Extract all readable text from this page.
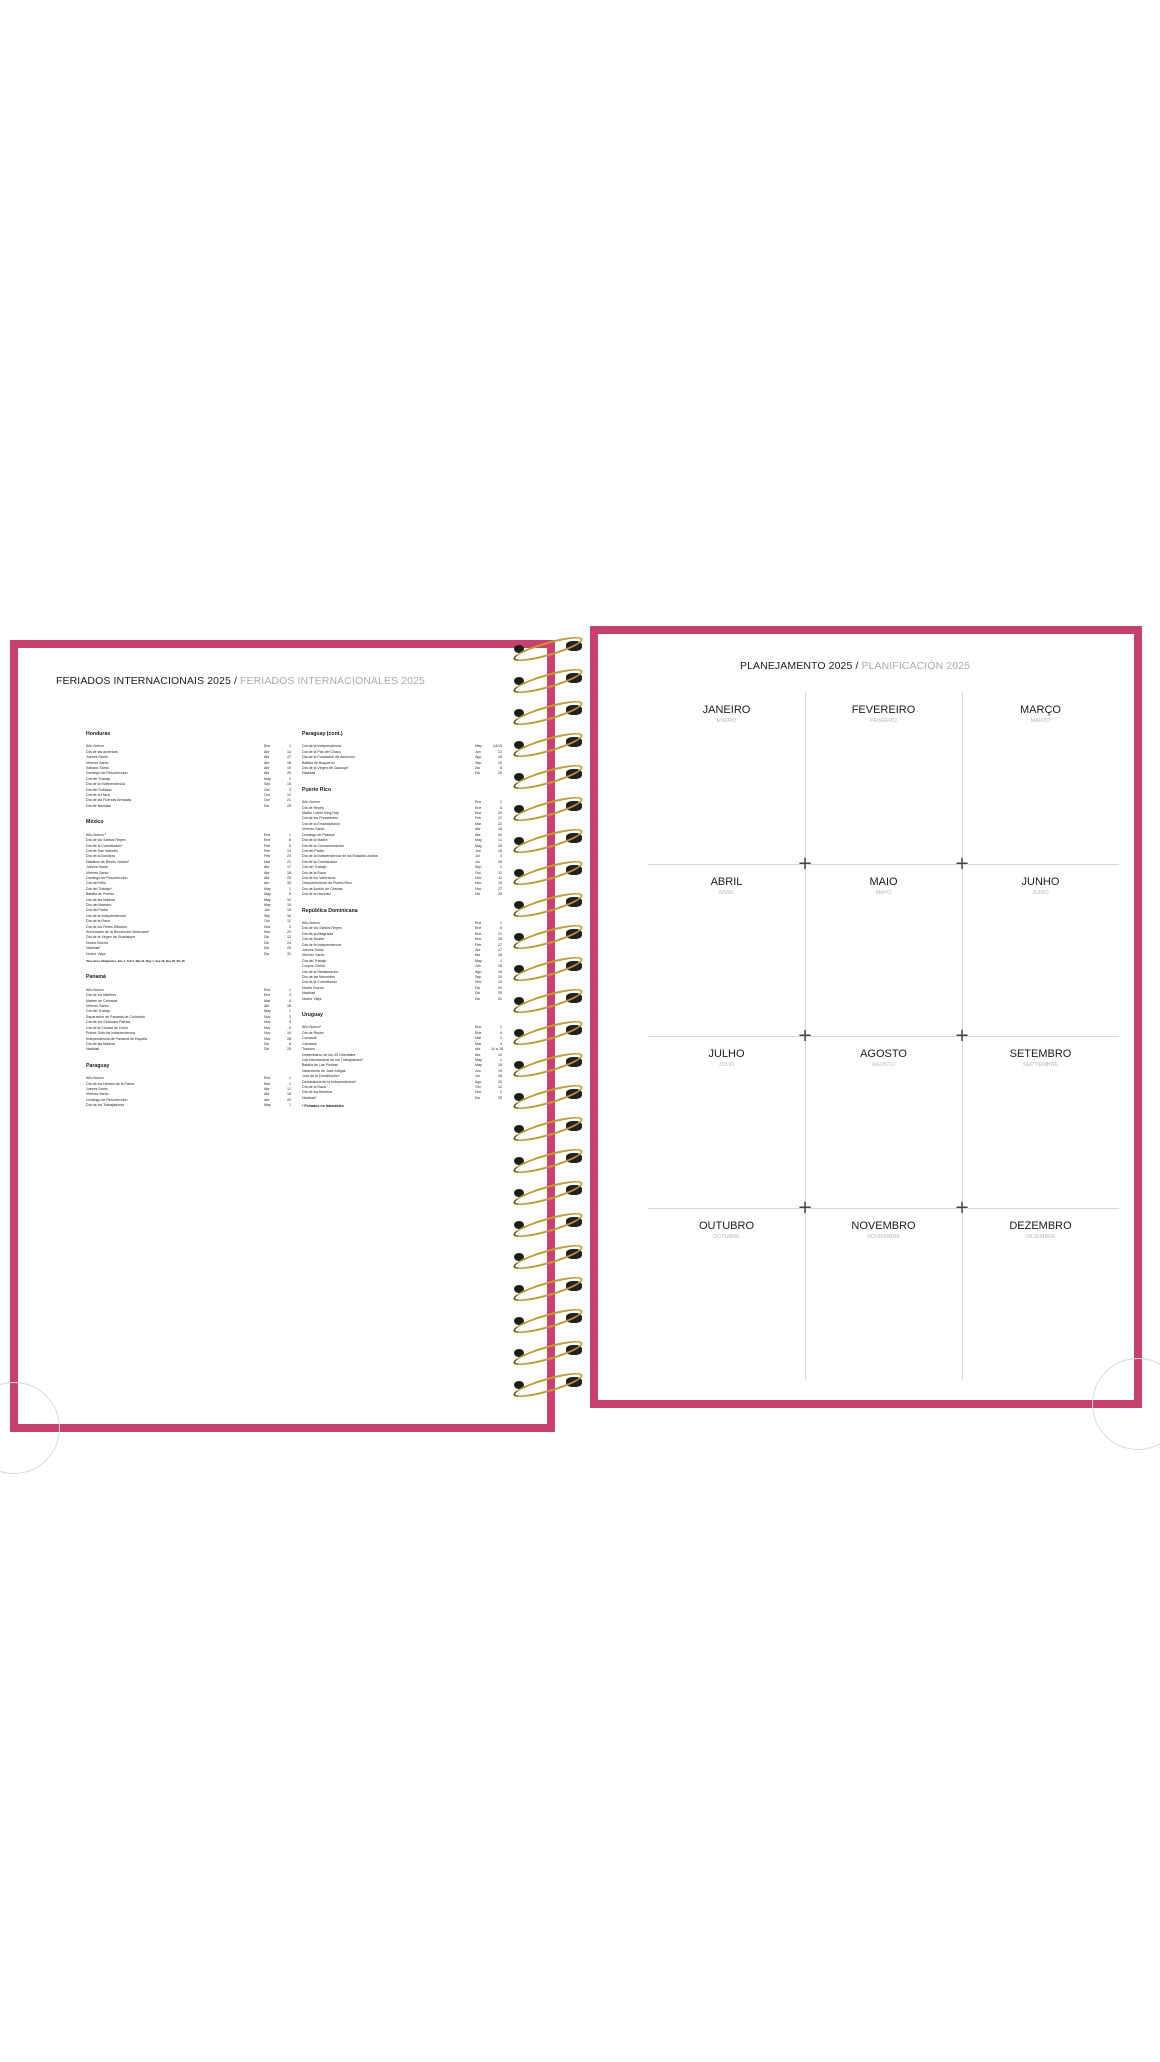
FERIADOS INTERNACIONAIS 2025 / FERIADOS INTERNACIONALES 2025
Honduras
Año Nuevo	Ene	1
Día de las Américas	Abr	14
Jueves Santo	Abr	17
Viernes Santo	Abr	18
Sábado Santo	Abr	19
Domingo de Resurrección	Abr	20
Día del Trabajo	May	1
Día de la Independencia	Sep	15
Día del Soldado	Oct	3
Día de la Raza	Oct	12
Día de las Fuerzas Armadas	Oct	21
Día de Navidad	Dic	25
México
Año Nuevo *	Ene	1
Día de los Santos Reyes	Ene	6
Día de la Constitución*	Feb	5
Día de San Valentín	Feb	14
Día de la Bandera	Feb	24
Natalicio de Benito Juárez*	Mar	21
Jueves Santo	Abr	17
Viernes Santo	Abr	18
Domingo de Resurrección	Abr	20
Día del Niño	Abr	30
Día del Trabajo*	May	1
Batalla de Puebla	May	5
Día de las Madres	May	10
Día del Maestro	May	15
Día del Padre	Jun	15
Día de la Independencia*	Sep	16
Día de la Raza	Oct	12
Día de los Fieles Difuntos	Nov	2
Aniversario de la Revolución Mexicana*	Nov	20
Día de la Virgen de Guadalupe	Dic	12
Noche Buena	Dic	24
Navidad*	Dic	25
Noche Vieja	Dic	31
*Descanso Obligatorio: Ene 1, Feb 5, Mar 21, May 1, Sep 16, Nov 20, Dic 25
Panamá
Año Nuevo	Ene	1
Día de los Mártires	Ene	9
Martes de Carnaval	Mar	4
Viernes Santo	Abr	18
Día del Trabajo	May	1
Separación de Panamá de Colombia	Nov	3
Día de los Símbolos Patrios	Nov	4
Día de la Ciudad de Colón	Nov	5
Primer Grito de Independencia	Nov	10
Independencia de Panamá de España	Nov	28
Día de las Madres	Dic	8
Navidad	Dic	25
Paraguay
Año Nuevo	Ene	1
Día de los Héroes de la Patria	Mar	1
Jueves Santo	Abr	17
Viernes Santo	Abr	18
Domingo de Resurrección	Abr	20
Día de los Trabajadores	May	1
Paraguay (cont.)
Día de la Independencia	May	14/15
Día de la Paz del Chaco	Jun	12
Día de la Fundación de Asunción	Ago	15
Batalla de Boquerón	Sep	29
Día de la Virgen de Caacupé	Dic	8
Navidad	Dic	25
Puerto Rico
Año Nuevo	Ene	1
Día de Reyes	Ene	6
Martin Luther King Day	Ene	20
Día de los Presidentes	Feb	17
Día de la Emancipación	Mar	22
Viernes Santo	Abr	18
Domingo de Pascua	Abr	20
Día de la Madre	May	11
Día de la Conmemoración	May	26
Día del Padre	Jun	15
Día de la Independencia de los Estados Unidos	Jul	4
Día de la Constitución	Jul	25
Día del Trabajo	Sep	1
Día de la Raza	Oct	12
Día de los Veteranos	Nov	11
Descubrimiento de Puerto Rico	Nov	19
Día de Acción de Gracias	Nov	27
Día de la Navidad	Dic	25
República Dominicana
Año Nuevo	Ene	1
Día de los Santos Reyes	Ene	6
Día de la Altagracia	Ene	21
Día de Duarte	Ene	26
Día de la Independencia	Feb	27
Jueves Santo	Abr	17
Viernes Santo	Abr	18
Día del Trabajo	May	1
Corpus Christi	Jun	19
Día de la Restauración	Ago	16
Día de las Mercedes	Sep	24
Día de la Constitución	Nov	10
Noche Buena	Dic	24
Navidad	Dic	25
Noche Vieja	Dic	31
Uruguay
Año Nuevo*	Ene	1
Día de Reyes	Ene	6
Carnaval	Mar	3
Carnaval	Mar	4
Turismo	Abr	14 a 18
Desembarco de los 33 Orientales	Abr	19
Día Internacional de los Trabajadores*	May	1
Batalla de Las Piedras	May	18
Nacimiento de José Artigas	Jun	19
Jura de la Constitución*	Jul	18
Declaratoria de la Independencia*	Ago	25
Día de la Raza	Oct	12
Día de los Muertos	Nov	2
Navidad*	Dic	25
* Feriados no laborables
PLANEJAMENTO 2025 / PLANIFICACIÓN 2025
JANEIRO
ENERO
FEVEREIRO
FEBRERO
MARÇO
MARZO
ABRIL
ABRIL
MAIO
MAYO
JUNHO
JUNIO
JULHO
JULIO
AGOSTO
AGOSTO
SETEMBRO
SEPTIEMBRE
OUTUBRO
OCTUBRE
NOVEMBRO
NOVIEMBRE
DEZEMBRO
DICIEMBRE
+	+
+	+
+	+
